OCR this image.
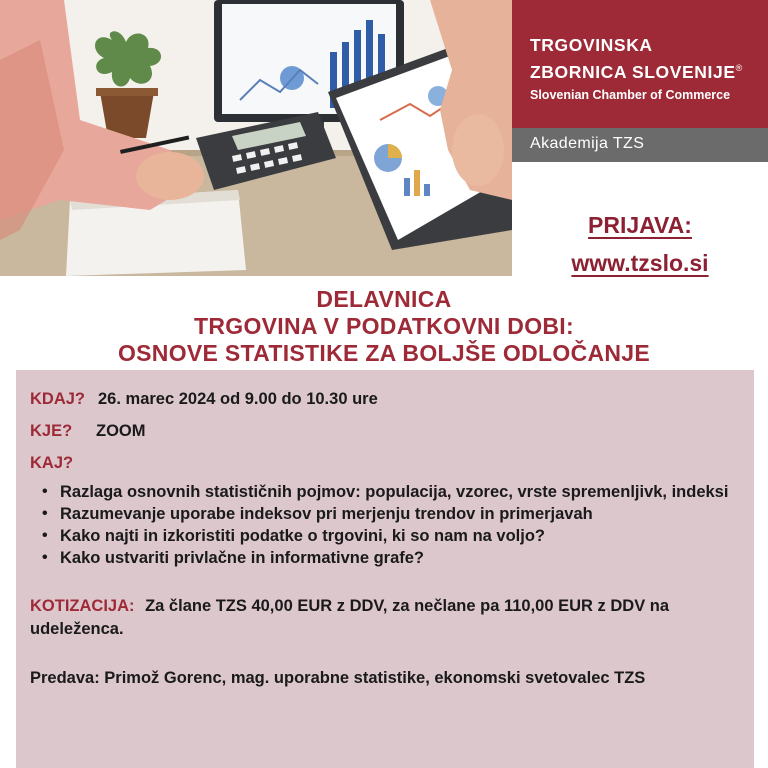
TRGOVINSKA
ZBORNICA SLOVENIJE®
Slovenian Chamber of Commerce
Akademija TZS
PRIJAVA:
www.tzslo.si
DELAVNICA
TRGOVINA V PODATKOVNI DOBI:
OSNOVE STATISTIKE ZA BOLJŠE ODLOČANJE
KDAJ? 26. marec 2024 od 9.00 do 10.30 ure
KJE?	ZOOM
KAJ?
• Razlaga osnovnih statističnih pojmov: populacija, vzorec, vrste spremenljivk, indeksi
• Razumevanje uporabe indeksov pri merjenju trendov in primerjavah
• Kako najti in izkoristiti podatke o trgovini, ki so nam na voljo?
• Kako ustvariti privlačne in informativne grafe?
KOTIZACIJA: Za člane TZS 40,00 EUR z DDV, za nečlane pa 110,00 EUR z DDV na udeleženca.
Predava: Primož Gorenc, mag. uporabne statistike, ekonomski svetovalec TZS
